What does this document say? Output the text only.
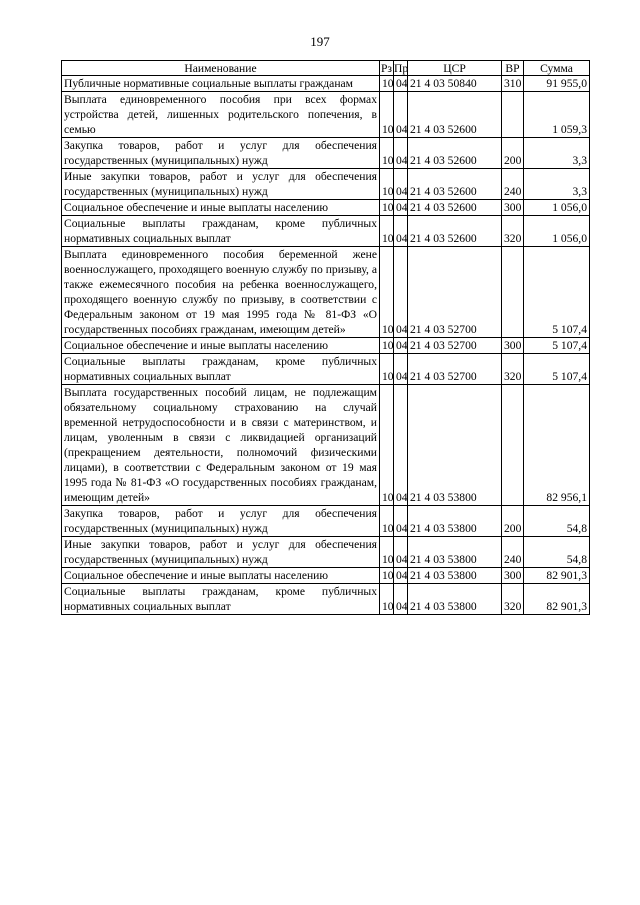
197
Наименование	Рз	Пр	ЦСР	ВР	Сумма
Публичные нормативные социальные выплаты гражданам	10	04	21 4 03 50840	310	91 955,0
Выплата единовременного пособия при всех формах устройства детей, лишенных родительского попечения, в семью	10	04	21 4 03 52600		1 059,3
Закупка товаров, работ и услуг для обеспечения государственных (муниципальных) нужд	10	04	21 4 03 52600	200	3,3
Иные закупки товаров, работ и услуг для обеспечения государственных (муниципальных) нужд	10	04	21 4 03 52600	240	3,3
Социальное обеспечение и иные выплаты населению	10	04	21 4 03 52600	300	1 056,0
Социальные выплаты гражданам, кроме публичных нормативных социальных выплат	10	04	21 4 03 52600	320	1 056,0
Выплата единовременного пособия беременной жене военнослужащего, проходящего военную службу по призыву, а также ежемесячного пособия на ребенка военнослужащего, проходящего военную службу по призыву, в соответствии с Федеральным законом от 19 мая 1995 года № 81-ФЗ «О государственных пособиях гражданам, имеющим детей»	10	04	21 4 03 52700		5 107,4
Социальное обеспечение и иные выплаты населению	10	04	21 4 03 52700	300	5 107,4
Социальные выплаты гражданам, кроме публичных нормативных социальных выплат	10	04	21 4 03 52700	320	5 107,4
Выплата государственных пособий лицам, не подлежащим обязательному социальному страхованию на случай временной нетрудоспособности и в связи с материнством, и лицам, уволенным в связи с ликвидацией организаций (прекращением деятельности, полномочий физическими лицами), в соответствии с Федеральным законом от 19 мая 1995 года № 81-ФЗ «О государственных пособиях гражданам, имеющим детей»	10	04	21 4 03 53800		82 956,1
Закупка товаров, работ и услуг для обеспечения государственных (муниципальных) нужд	10	04	21 4 03 53800	200	54,8
Иные закупки товаров, работ и услуг для обеспечения государственных (муниципальных) нужд	10	04	21 4 03 53800	240	54,8
Социальное обеспечение и иные выплаты населению	10	04	21 4 03 53800	300	82 901,3
Социальные выплаты гражданам, кроме публичных нормативных социальных выплат	10	04	21 4 03 53800	320	82 901,3
